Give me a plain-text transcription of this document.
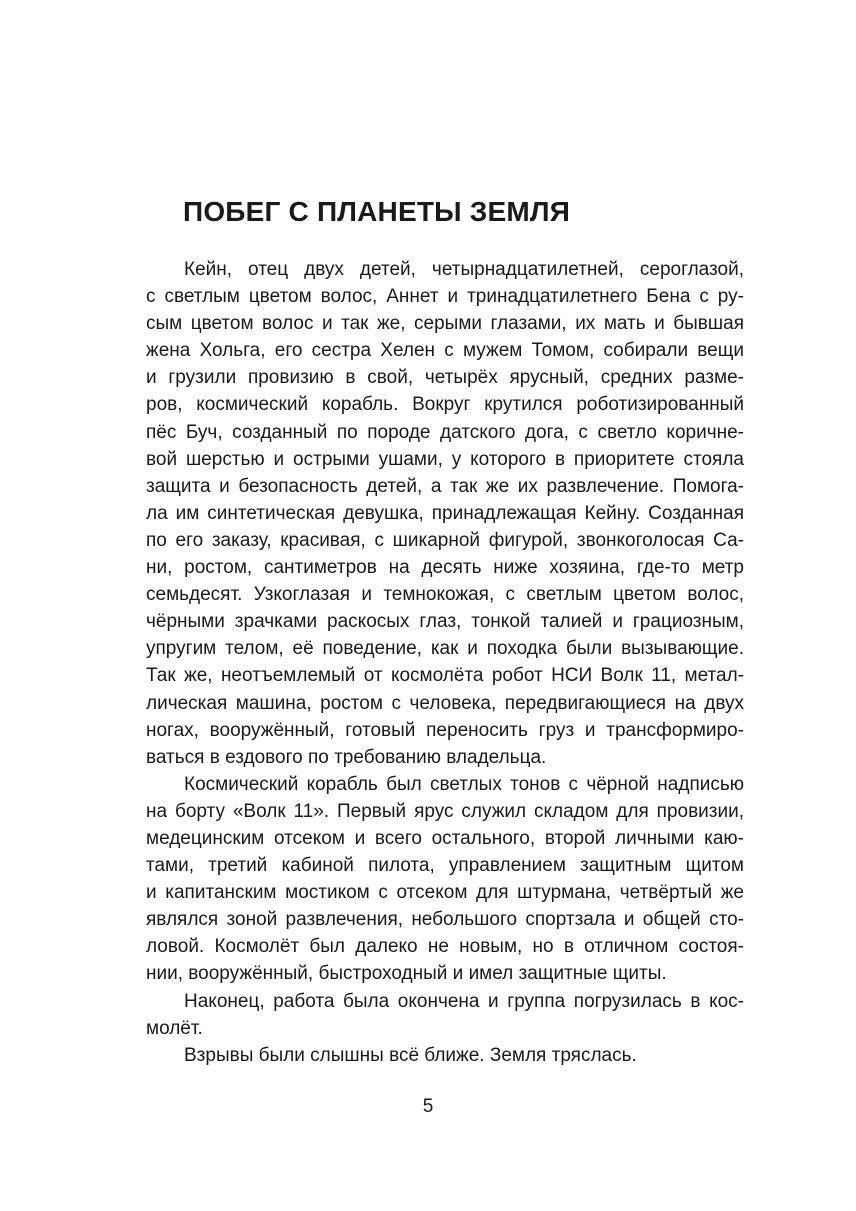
ПОБЕГ С ПЛАНЕТЫ ЗЕМЛЯ
Кейн, отец двух детей, четырнадцатилетней, сероглазой,
с светлым цветом волос, Аннет и тринадцатилетнего Бена с ру-
сым цветом волос и так же, серыми глазами, их мать и бывшая
жена Хольга, его сестра Хелен с мужем Томом, собирали вещи
и грузили провизию в свой, четырёх ярусный, средних разме-
ров, космический корабль. Вокруг крутился роботизированный
пёс Буч, созданный по породе датского дога, с светло коричне-
вой шерстью и острыми ушами, у которого в приоритете стояла
защита и безопасность детей, а так же их развлечение. Помога-
ла им синтетическая девушка, принадлежащая Кейну. Созданная
по его заказу, красивая, с шикарной фигурой, звонкоголосая Са-
ни, ростом, сантиметров на десять ниже хозяина, где-то метр
семьдесят. Узкоглазая и темнокожая, с светлым цветом волос,
чёрными зрачками раскосых глаз, тонкой талией и грациозным,
упругим телом, её поведение, как и походка были вызывающие.
Так же, неотъемлемый от космолёта робот НСИ Волк 11, метал-
лическая машина, ростом с человека, передвигающиеся на двух
ногах, вооружённый, готовый переносить груз и трансформиро-
ваться в ездового по требованию владельца.
Космический корабль был светлых тонов с чёрной надписью
на борту «Волк 11». Первый ярус служил складом для провизии,
медецинским отсеком и всего остального, второй личными каю-
тами, третий кабиной пилота, управлением защитным щитом
и капитанским мостиком с отсеком для штурмана, четвёртый же
являлся зоной развлечения, небольшого спортзала и общей сто-
ловой. Космолёт был далеко не новым, но в отличном состоя-
нии, вооружённый, быстроходный и имел защитные щиты.
Наконец, работа была окончена и группа погрузилась в кос-
молёт.
Взрывы были слышны всё ближе. Земля тряслась.
5
